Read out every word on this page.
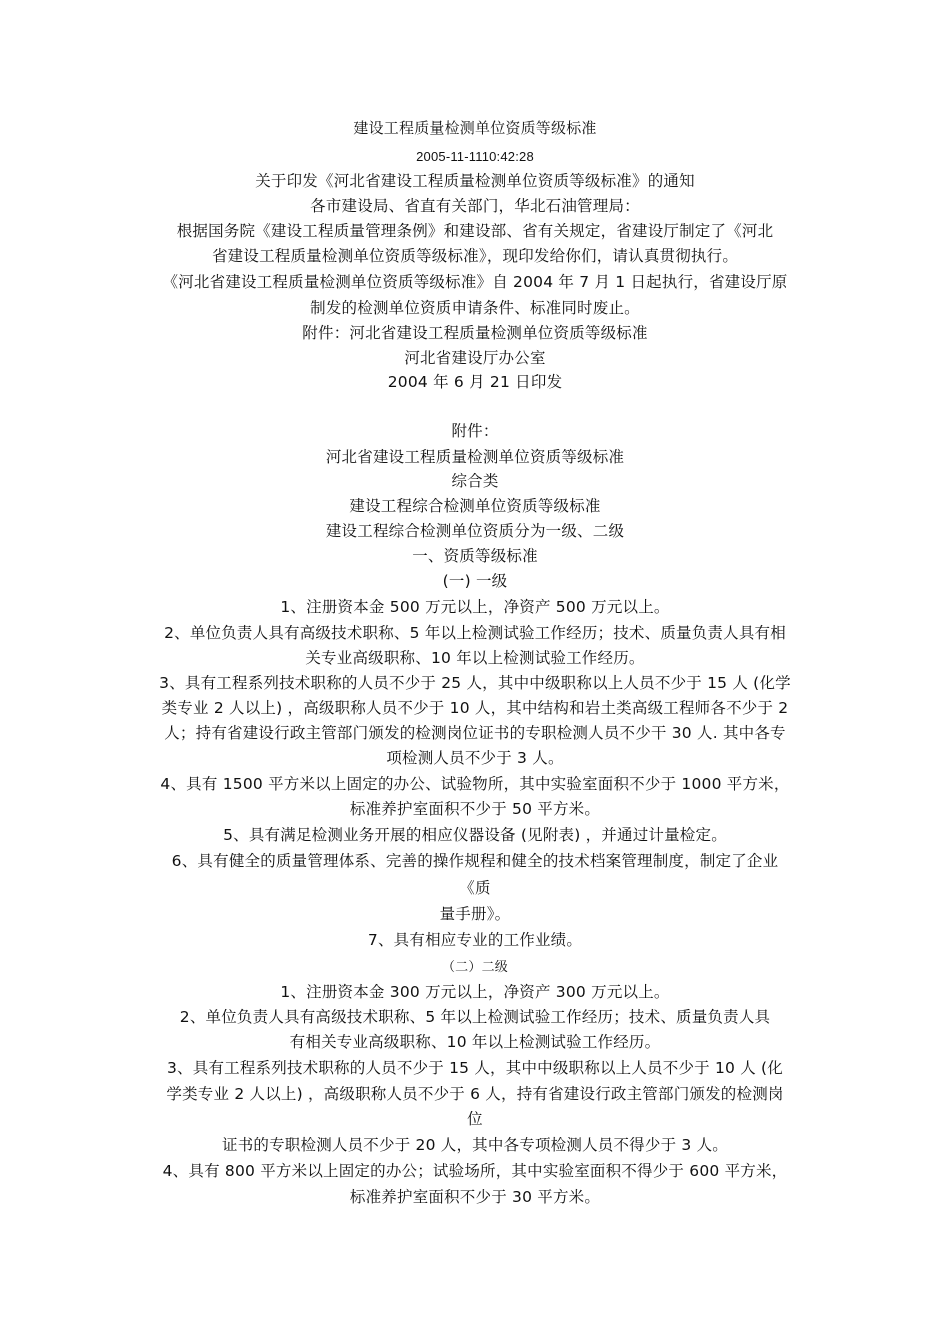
建设工程质量检测单位资质等级标准
2005-11-1110:42:28
关于印发《河北省建设工程质量检测单位资质等级标准》的通知
各市建设局、省直有关部门，华北石油管理局：
根据国务院《建设工程质量管理条例》和建设部、省有关规定，省建设厅制定了《河北
省建设工程质量检测单位资质等级标准》，现印发给你们，请认真贯彻执行。
《河北省建设工程质量检测单位资质等级标准》自 2004 年 7 月 1 日起执行，省建设厅原
制发的检测单位资质申请条件、标准同时废止。
附件：河北省建设工程质量检测单位资质等级标准
河北省建设厅办公室
2004 年 6 月 21 日印发
附件：
河北省建设工程质量检测单位资质等级标准
综合类
建设工程综合检测单位资质等级标准
建设工程综合检测单位资质分为一级、二级
一、资质等级标准
(一) 一级
1、注册资本金 500 万元以上，净资产 500 万元以上。
2、单位负责人具有高级技术职称、5 年以上检测试验工作经历；技术、质量负责人具有相
关专业高级职称、10 年以上检测试验工作经历。
3、具有工程系列技术职称的人员不少于 25 人，其中中级职称以上人员不少于 15 人 (化学
类专业 2 人以上) ，高级职称人员不少于 10 人，其中结构和岩土类高级工程师各不少于 2
人；持有省建设行政主管部门颁发的检测岗位证书的专职检测人员不少干 30 人. 其中各专
项检测人员不少于 3 人。
4、具有 1500 平方米以上固定的办公、试验物所，其中实验室面积不少于 1000 平方米，
标准养护室面积不少于 50 平方米。
5、具有满足检测业务开展的相应仪器设备 (见附表) ，并通过计量检定。
6、具有健全的质量管理体系、完善的操作规程和健全的技术档案管理制度，制定了企业
《质
量手册》。
7、具有相应专业的工作业绩。
（二）二级
1、注册资本金 300 万元以上，净资产 300 万元以上。
2、单位负责人具有高级技术职称、5 年以上检测试验工作经历；技术、质量负责人具
有相关专业高级职称、10 年以上检测试验工作经历。
3、具有工程系列技术职称的人员不少于 15 人，其中中级职称以上人员不少于 10 人 (化
学类专业 2 人以上) ，高级职称人员不少于 6 人，持有省建设行政主管部门颁发的检测岗
位
证书的专职检测人员不少于 20 人，其中各专项检测人员不得少于 3 人。
4、具有 800 平方米以上固定的办公；试验场所，其中实验室面积不得少于 600 平方米，
标准养护室面积不少于 30 平方米。
